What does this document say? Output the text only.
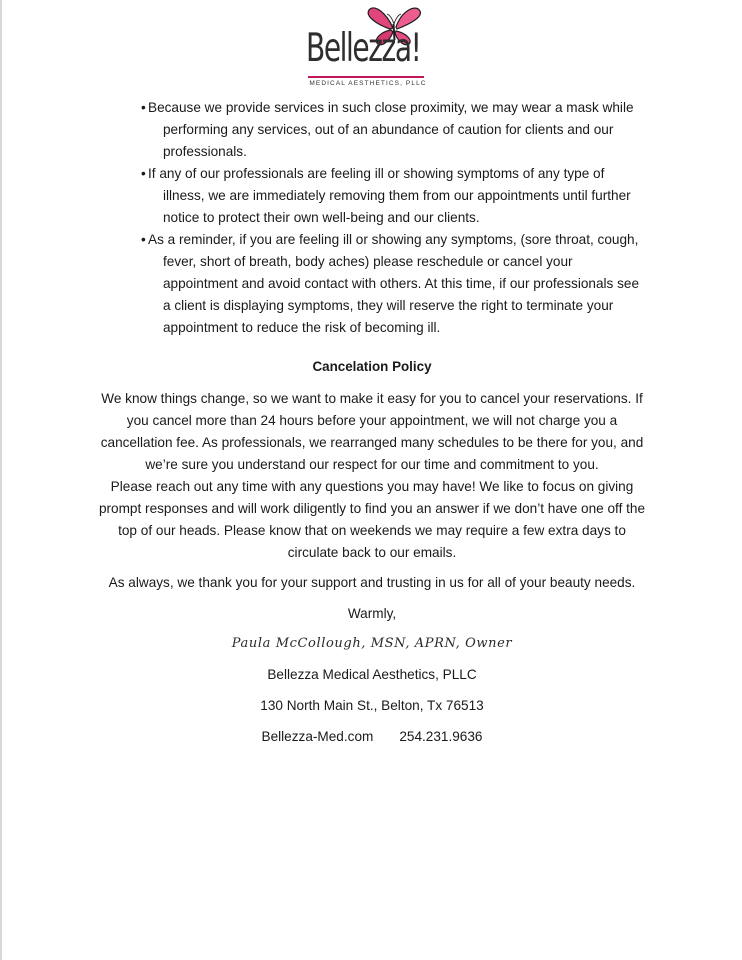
Bellezza!
MEDICAL AESTHETICS, PLLC
• Because we provide services in such close proximity, we may wear a mask while performing any services, out of an abundance of caution for clients and our professionals.
• If any of our professionals are feeling ill or showing symptoms of any type of illness, we are immediately removing them from our appointments until further notice to protect their own well-being and our clients.
• As a reminder, if you are feeling ill or showing any symptoms, (sore throat, cough, fever, short of breath, body aches) please reschedule or cancel your appointment and avoid contact with others. At this time, if our professionals see a client is displaying symptoms, they will reserve the right to terminate your appointment to reduce the risk of becoming ill.

Cancelation Policy

We know things change, so we want to make it easy for you to cancel your reservations. If you cancel more than 24 hours before your appointment, we will not charge you a cancellation fee. As professionals, we rearranged many schedules to be there for you, and we’re sure you understand our respect for our time and commitment to you.

Please reach out any time with any questions you may have! We like to focus on giving prompt responses and will work diligently to find you an answer if we don’t have one off the top of our heads. Please know that on weekends we may require a few extra days to circulate back to our emails.

As always, we thank you for your support and trusting in us for all of your beauty needs.

Warmly,

Paula McCollough, MSN, APRN, Owner

Bellezza Medical Aesthetics, PLLC

130 North Main St., Belton, Tx 76513

Bellezza-Med.com 254.231.9636
